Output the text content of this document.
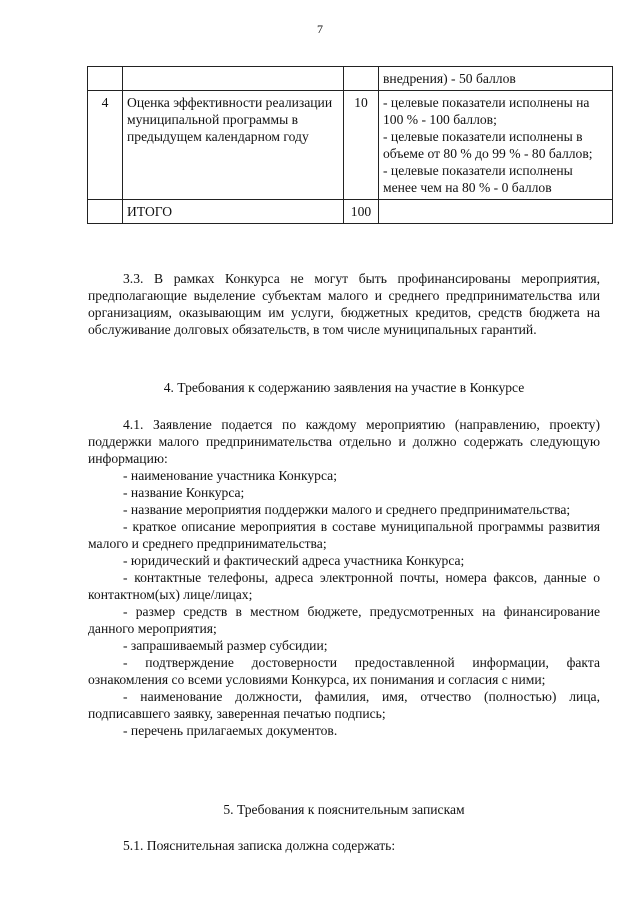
7

			внедрения) - 50 баллов

4	Оценка эффективности реализации муниципальной программы в предыдущем календарном году	10	- целевые показатели исполнены на 100 % - 100 баллов;
- целевые показатели исполнены в объеме от 80 % до 99 % - 80 баллов;
- целевые показатели исполнены менее чем на 80 % - 0 баллов

	ИТОГО	100	

3.3. В рамках Конкурса не могут быть профинансированы мероприятия, предполагающие выделение субъектам малого и среднего предпринимательства или организациям, оказывающим им услуги, бюджетных кредитов, средств бюджета на обслуживание долговых обязательств, в том числе муниципальных гарантий.

4. Требования к содержанию заявления на участие в Конкурсе

4.1. Заявление подается по каждому мероприятию (направлению, проекту) поддержки малого предпринимательства отдельно и должно содержать следующую информацию:

- наименование участника Конкурса;

- название Конкурса;

- название мероприятия поддержки малого и среднего предпринимательства;

- краткое описание мероприятия в составе муниципальной программы развития малого и среднего предпринимательства;

- юридический и фактический адреса участника Конкурса;

- контактные телефоны, адреса электронной почты, номера факсов, данные о контактном(ых) лице/лицах;

- размер средств в местном бюджете, предусмотренных на финансирование данного мероприятия;

- запрашиваемый размер субсидии;

- подтверждение достоверности предоставленной информации, факта ознакомления со всеми условиями Конкурса, их понимания и согласия с ними;

- наименование должности, фамилия, имя, отчество (полностью) лица, подписавшего заявку, заверенная печатью подпись;

- перечень прилагаемых документов.

5. Требования к пояснительным запискам

5.1. Пояснительная записка должна содержать:
